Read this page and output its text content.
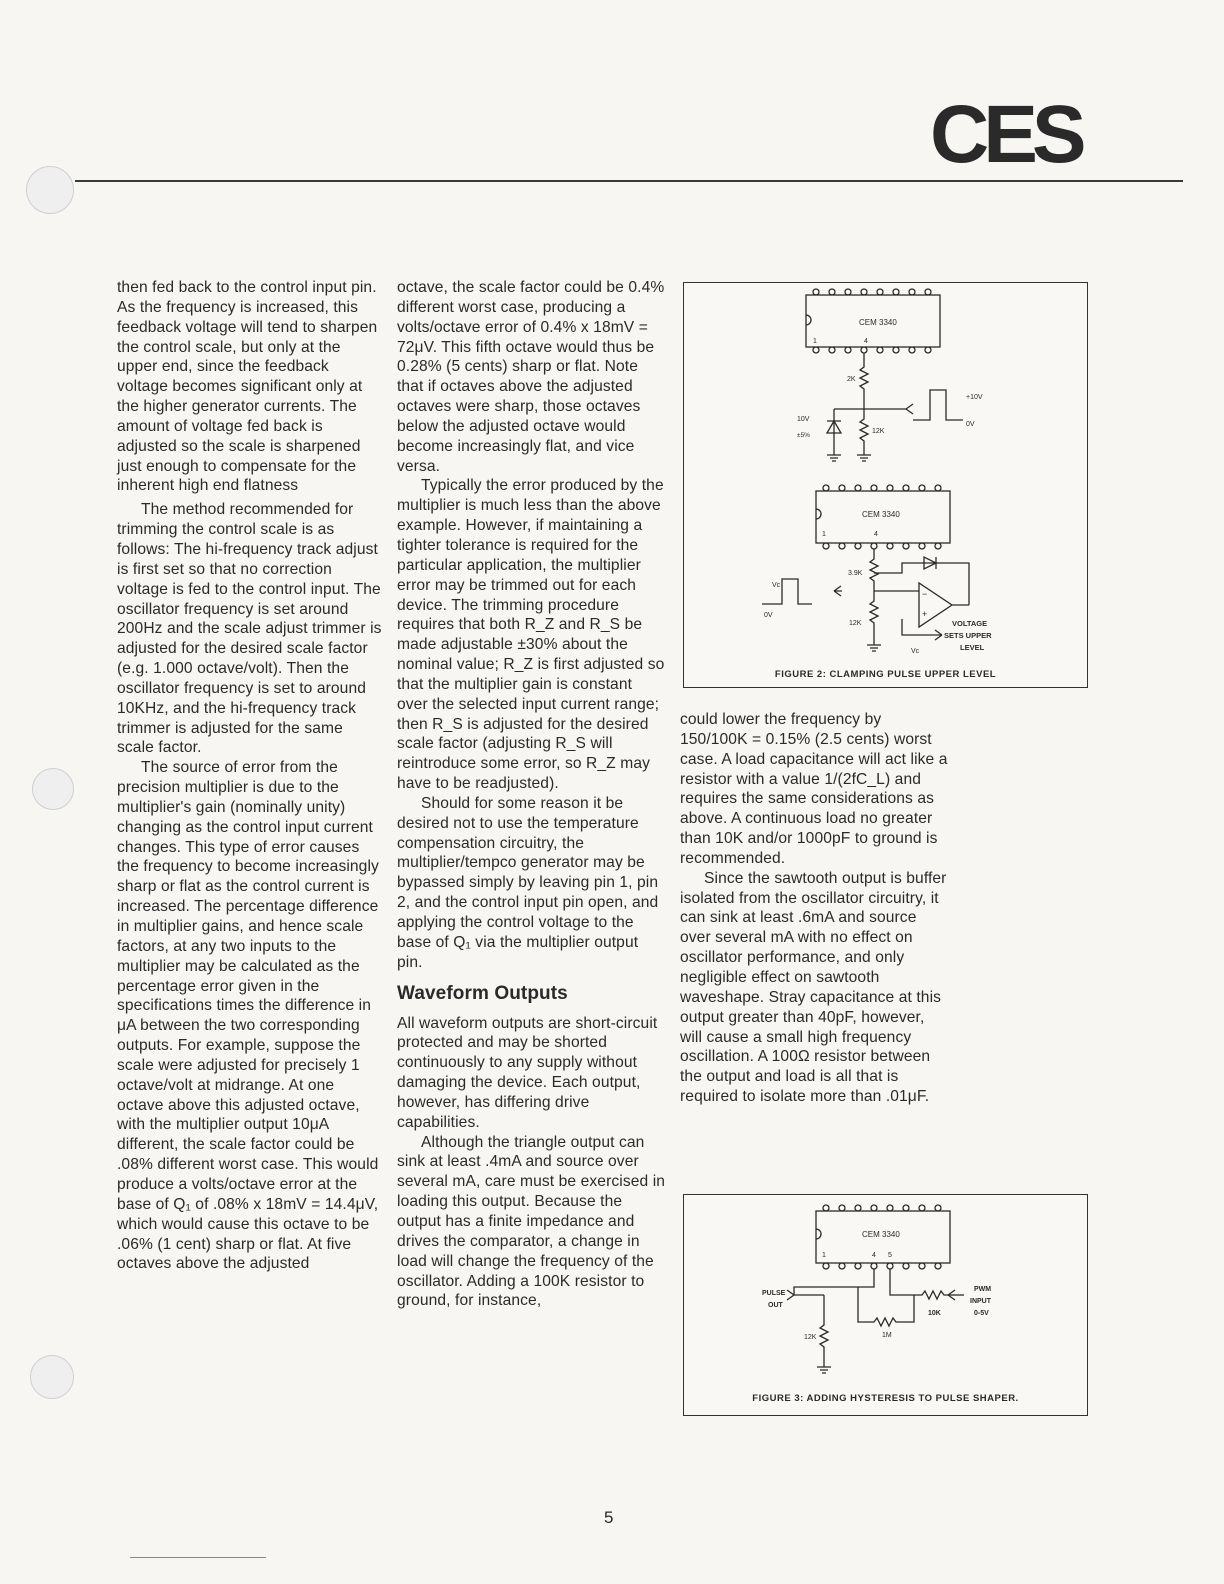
CES

then fed back to the control input pin. As the frequency is increased, this feedback voltage will tend to sharpen the control scale, but only at the upper end, since the feedback voltage becomes significant only at the higher generator currents. The amount of voltage fed back is adjusted so the scale is sharpened just enough to compensate for the inherent high end flatness

The method recommended for trimming the control scale is as follows: The hi-frequency track adjust is first set so that no correction voltage is fed to the control input. The oscillator frequency is set around 200Hz and the scale adjust trimmer is adjusted for the desired scale factor (e.g. 1.000 octave/volt). Then the oscillator frequency is set to around 10KHz, and the hi-frequency track trimmer is adjusted for the same scale factor.

The source of error from the precision multiplier is due to the multiplier's gain (nominally unity) changing as the control input current changes. This type of error causes the frequency to become increasingly sharp or flat as the control current is increased. The percentage difference in multiplier gains, and hence scale factors, at any two inputs to the multiplier may be calculated as the percentage error given in the specifications times the difference in μA between the two corresponding outputs. For example, suppose the scale were adjusted for precisely 1 octave/volt at midrange. At one octave above this adjusted octave, with the multiplier output 10μA different, the scale factor could be .08% different worst case. This would produce a volts/octave error at the base of Q₁ of .08% x 18mV = 14.4μV, which would cause this octave to be .06% (1 cent) sharp or flat. At five octaves above the adjusted

octave, the scale factor could be 0.4% different worst case, producing a volts/octave error of 0.4% x 18mV = 72μV. This fifth octave would thus be 0.28% (5 cents) sharp or flat. Note that if octaves above the adjusted octaves were sharp, those octaves below the adjusted octave would become increasingly flat, and vice versa.

Typically the error produced by the multiplier is much less than the above example. However, if maintaining a tighter tolerance is required for the particular application, the multiplier error may be trimmed out for each device. The trimming procedure requires that both R_Z and R_S be made adjustable ±30% about the nominal value; R_Z is first adjusted so that the multiplier gain is constant over the selected input current range; then R_S is adjusted for the desired scale factor (adjusting R_S will reintroduce some error, so R_Z may have to be readjusted).

Should for some reason it be desired not to use the temperature compensation circuitry, the multiplier/tempco generator may be bypassed simply by leaving pin 1, pin 2, and the control input pin open, and applying the control voltage to the base of Q₁ via the multiplier output pin.

Waveform Outputs

All waveform outputs are short-circuit protected and may be shorted continuously to any supply without damaging the device. Each output, however, has differing drive capabilities.

Although the triangle output can sink at least .4mA and source over several mA, care must be exercised in loading this output. Because the output has a finite impedance and drives the comparator, a change in load will change the frequency of the oscillator. Adding a 100K resistor to ground, for instance,

could lower the frequency by 150/100K = 0.15% (2.5 cents) worst case. A load capacitance will act like a resistor with a value 1/(2fC_L) and requires the same considerations as above. A continuous load no greater than 10K and/or 1000pF to ground is recommended.

Since the sawtooth output is buffer isolated from the oscillator circuitry, it can sink at least .6mA and source over several mA with no effect on oscillator performance, and only negligible effect on sawtooth waveshape. Stray capacitance at this output greater than 40pF, however, will cause a small high frequency oscillation. A 100Ω resistor between the output and load is all that is required to isolate more than .01μF.

CEM 3340
1	4
2K
+10V
0V
10V
±5%
12K
CEM 3340
1	4
3.9K
−
+
Vc
0V
12K	VOLTAGE
SETS UPPER
LEVEL
Vc
FIGURE 2: CLAMPING PULSE UPPER LEVEL
CEM 3340
1	4 5
PULSE
OUT
1M
10K
PWM
INPUT
0-5V
12K
FIGURE 3: ADDING HYSTERESIS TO PULSE SHAPER.
5
